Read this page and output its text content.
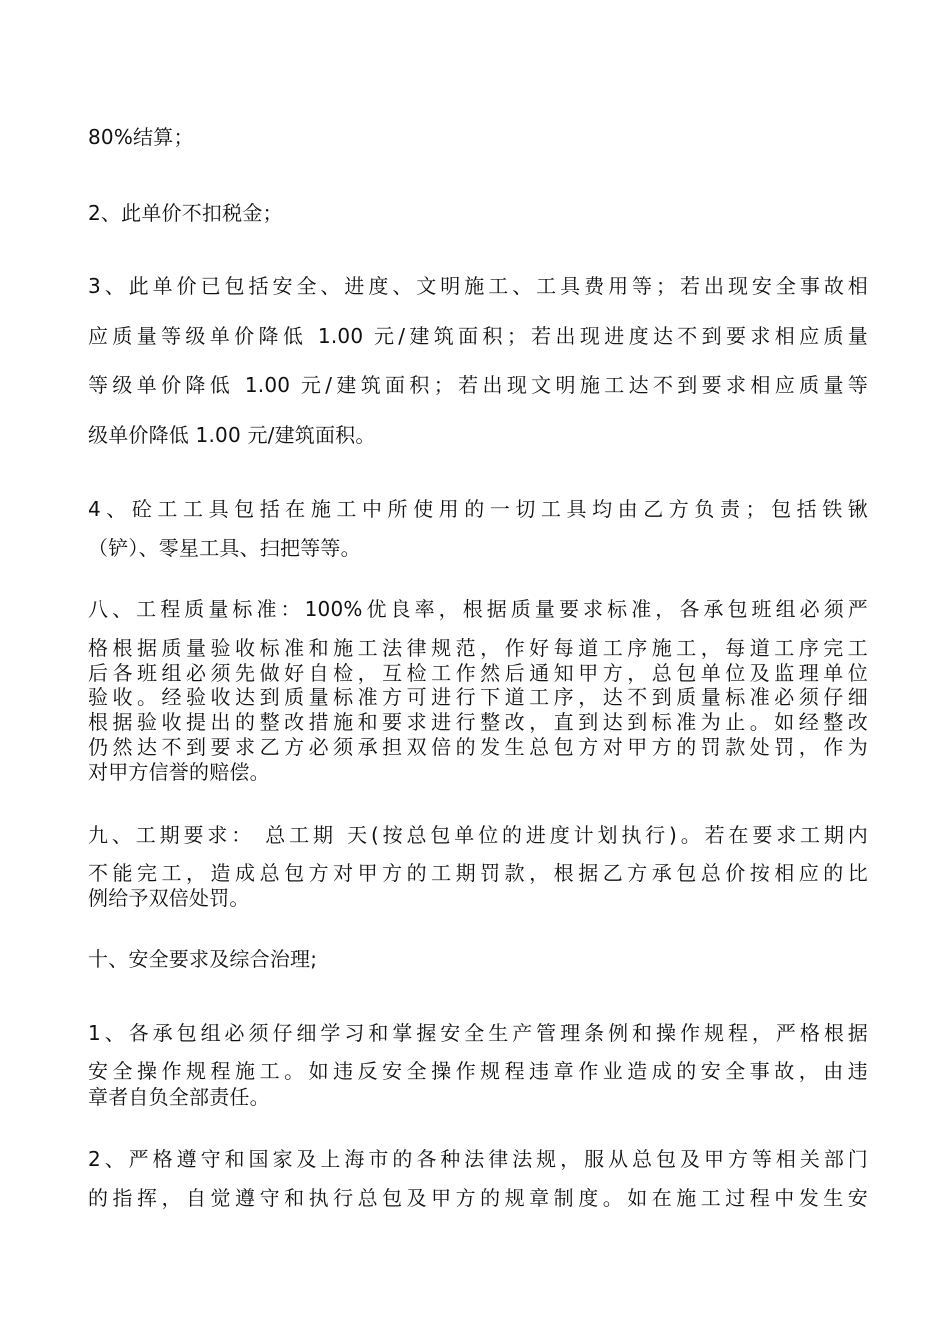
80%结算；
2、此单价不扣税金；
3、此单价已包括安全、进度、文明施工、工具费用等；若出现安全事故相
应质量等级单价降低 1.00 元/建筑面积；若出现进度达不到要求相应质量
等级单价降低 1.00 元/建筑面积；若出现文明施工达不到要求相应质量等
级单价降低 1.00 元/建筑面积。
4、砼工工具包括在施工中所使用的一切工具均由乙方负责；包括铁锹
（铲）、零星工具、扫把等等。
八、工程质量标准：100%优良率，根据质量要求标准，各承包班组必须严
格根据质量验收标准和施工法律规范，作好每道工序施工，每道工序完工
后各班组必须先做好自检，互检工作然后通知甲方，总包单位及监理单位
验收。经验收达到质量标准方可进行下道工序，达不到质量标准必须仔细
根据验收提出的整改措施和要求进行整改，直到达到标准为止。如经整改
仍然达不到要求乙方必须承担双倍的发生总包方对甲方的罚款处罚，作为
对甲方信誉的赔偿。
九、工期要求： 总工期 天(按总包单位的进度计划执行)。若在要求工期内
不能完工，造成总包方对甲方的工期罚款，根据乙方承包总价按相应的比
例给予双倍处罚。
十、安全要求及综合治理;
1、各承包组必须仔细学习和掌握安全生产管理条例和操作规程，严格根据
安全操作规程施工。如违反安全操作规程违章作业造成的安全事故，由违
章者自负全部责任。
2、严格遵守和国家及上海市的各种法律法规，服从总包及甲方等相关部门
的指挥，自觉遵守和执行总包及甲方的规章制度。如在施工过程中发生安
